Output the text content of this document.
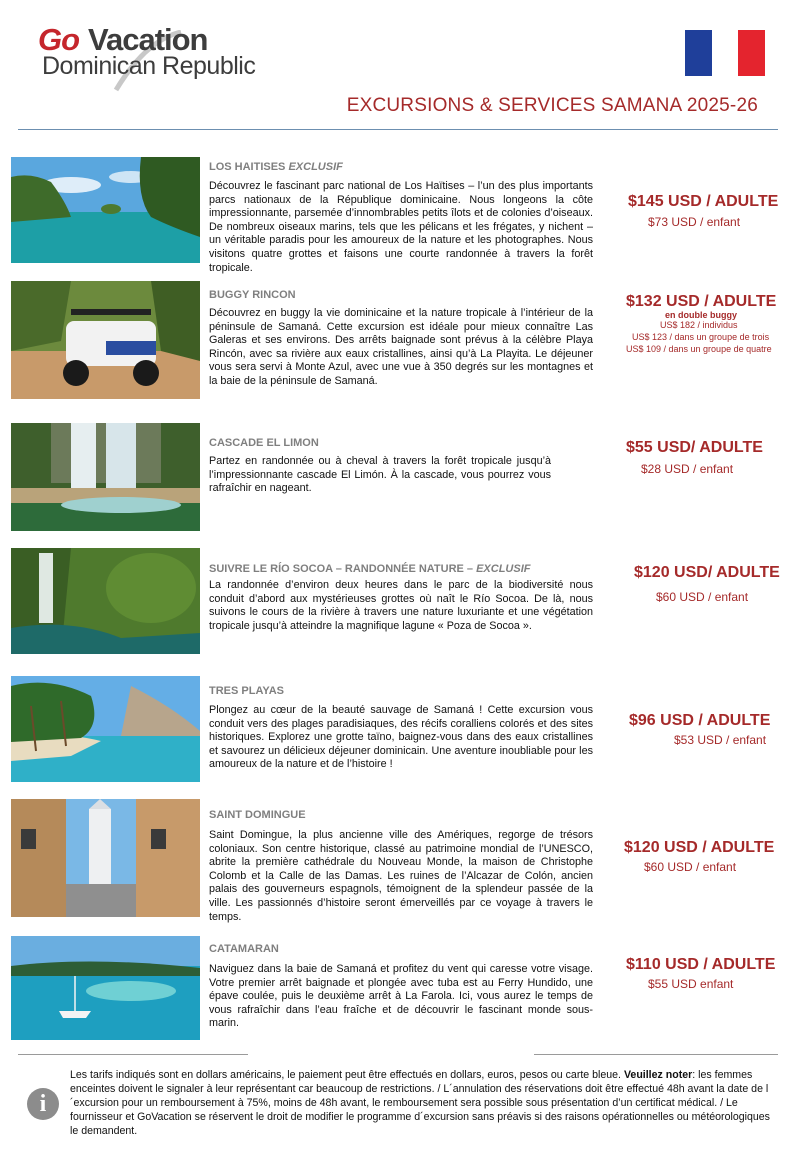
Go Vacation
Dominican Republic
EXCURSIONS & SERVICES SAMANA 2025-26
LOS HAITISES EXCLUSIF
Découvrez le fascinant parc national de Los Haïtises – l’un des plus importants parcs nationaux de la République dominicaine. Nous longeons la côte impressionnante, parsemée d’innombrables petits îlots et de colonies d’oiseaux. De nombreux oiseaux marins, tels que les pélicans et les frégates, y nichent – un véritable paradis pour les amoureux de la nature et les photographes. Nous visitons quatre grottes et faisons une courte randonnée à travers la forêt tropicale.
$145 USD / ADULTE
$73 USD / enfant
BUGGY RINCON
Découvrez en buggy la vie dominicaine et la nature tropicale à l’intérieur de la péninsule de Samaná. Cette excursion est idéale pour mieux connaître Las Galeras et ses environs. Des arrêts baignade sont prévus à la célèbre Playa Rincón, avec sa rivière aux eaux cristallines, ainsi qu’à La Playita. Le déjeuner vous sera servi à Monte Azul, avec une vue à 350 degrés sur les montagnes et la baie de la péninsule de Samaná.
$132 USD / ADULTE
en double buggy
US$ 182 / individus
US$ 123 / dans un groupe de trois
US$ 109 / dans un groupe de quatre
CASCADE EL LIMON
Partez en randonnée ou à cheval à travers la forêt tropicale jusqu’à l’impressionnante cascade El Limón. À la cascade, vous pourrez vous rafraîchir en nageant.
$55 USD/ ADULTE
$28 USD / enfant
SUIVRE LE RÍO SOCOA – RANDONNÉE NATURE – EXCLUSIF
La randonnée d’environ deux heures dans le parc de la biodiversité nous conduit d’abord aux mystérieuses grottes où naît le Río Socoa. De là, nous suivons le cours de la rivière à travers une nature luxuriante et une végétation tropicale jusqu’à atteindre la magnifique lagune « Poza de Socoa ».
$120 USD/ ADULTE
$60 USD / enfant
TRES PLAYAS
Plongez au cœur de la beauté sauvage de Samaná ! Cette excursion vous conduit vers des plages paradisiaques, des récifs coralliens colorés et des sites historiques. Explorez une grotte taïno, baignez-vous dans des eaux cristallines et savourez un délicieux déjeuner dominicain. Une aventure inoubliable pour les amoureux de la nature et de l’histoire !
$96 USD / ADULTE
$53 USD / enfant
SAINT DOMINGUE
Saint Domingue, la plus ancienne ville des Amériques, regorge de trésors coloniaux. Son centre historique, classé au patrimoine mondial de l’UNESCO, abrite la première cathédrale du Nouveau Monde, la maison de Christophe Colomb et la Calle de las Damas. Les ruines de l’Alcazar de Colón, ancien palais des gouverneurs espagnols, témoignent de la splendeur passée de la ville. Les passionnés d’histoire seront émerveillés par ce voyage à travers le temps.
$120 USD / ADULTE
$60 USD / enfant
CATAMARAN
Naviguez dans la baie de Samaná et profitez du vent qui caresse votre visage. Votre premier arrêt baignade et plongée avec tuba est au Ferry Hundido, une épave coulée, puis le deuxième arrêt à La Farola. Ici, vous aurez le temps de vous rafraîchir dans l’eau fraîche et de découvrir le fascinant monde sous-marin.
$110 USD / ADULTE
$55 USD enfant
i
Les tarifs indiqués sont en dollars américains, le paiement peut être effectués en dollars, euros, pesos ou carte bleue. Veuillez noter: les femmes enceintes doivent le signaler à leur représentant car beaucoup de restrictions. / L´annulation des réservations doit être effectué 48h avant la date de l´excursion pour un remboursement à 75%, moins de 48h avant, le remboursement sera possible sous présentation d’un certificat médical. / Le fournisseur et GoVacation se réservent le droit de modifier le programme d´excursion sans préavis si des raisons opérationnelles ou météorologiques le demandent.
